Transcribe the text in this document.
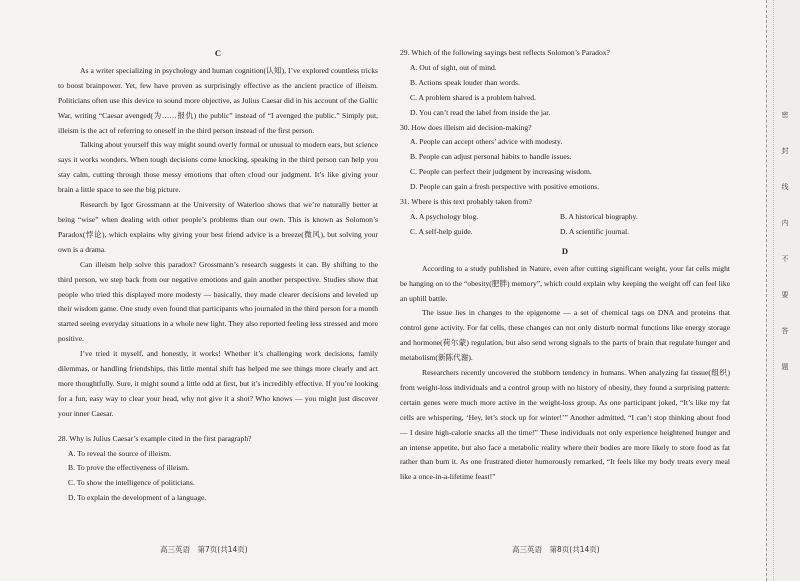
C

As a writer specializing in psychology and human cognition(认知), I’ve explored countless tricks to boost brainpower. Yet, few have proven as surprisingly effective as the ancient practice of illeism. Politicians often use this device to sound more objective, as Julius Caesar did in his account of the Gallic War, writing “Caesar avenged(为……报仇) the public” instead of “I avenged the public.” Simply put, illeism is the act of referring to oneself in the third person instead of the first person.

Talking about yourself this way might sound overly formal or unusual to modern ears, but science says it works wonders. When tough decisions come knocking, speaking in the third person can help you stay calm, cutting through those messy emotions that often cloud our judgment. It’s like giving your brain a little space to see the big picture.

Research by Igor Grossmann at the University of Waterloo shows that we’re naturally better at being “wise” when dealing with other people’s problems than our own. This is known as Solomon’s Paradox(悖论), which explains why giving your best friend advice is a breeze(微风), but solving your own is a drama.

Can illeism help solve this paradox? Grossmann’s research suggests it can. By shifting to the third person, we step back from our negative emotions and gain another perspective. Studies show that people who tried this displayed more modesty — basically, they made clearer decisions and leveled up their wisdom game. One study even found that participants who journaled in the third person for a month started seeing everyday situations in a whole new light. They also reported feeling less stressed and more positive.

I’ve tried it myself, and honestly, it works! Whether it’s challenging work decisions, family dilemmas, or handling friendships, this little mental shift has helped me see things more clearly and act more thoughtfully. Sure, it might sound a little odd at first, but it’s incredibly effective. If you’re looking for a fun, easy way to clear your head, why not give it a shot? Who knows — you might just discover your inner Caesar.

28. Why is Julius Caesar’s example cited in the first paragraph?

A. To reveal the source of illeism.

B. To prove the effectiveness of illeism.

C. To show the intelligence of politicians.

D. To explain the development of a language.

29. Which of the following sayings best reflects Solomon’s Paradox?

A. Out of sight, out of mind.

B. Actions speak louder than words.

C. A problem shared is a problem halved.

D. You can’t read the label from inside the jar.

30. How does illeism aid decision-making?

A. People can accept others’ advice with modesty.

B. People can adjust personal habits to handle issues.

C. People can perfect their judgment by increasing wisdom.

D. People can gain a fresh perspective with positive emotions.

31. Where is this text probably taken from?

A. A psychology blog.	B. A historical biography.
C. A self-help guide.	D. A scientific journal.
D

According to a study published in Nature, even after cutting significant weight, your fat cells might be hanging on to the “obesity(肥胖) memory”, which could explain why keeping the weight off can feel like an uphill battle.

The issue lies in changes to the epigenome — a set of chemical tags on DNA and proteins that control gene activity. For fat cells, these changes can not only disturb normal functions like energy storage and hormone(荷尔蒙) regulation, but also send wrong signals to the parts of brain that regulate hunger and metabolism(新陈代谢).

Researchers recently uncovered the stubborn tendency in humans. When analyzing fat tissue(组织) from weight-loss individuals and a control group with no history of obesity, they found a surprising pattern: certain genes were much more active in the weight-loss group. As one participant joked, “It’s like my fat cells are whispering, ‘Hey, let’s stock up for winter!’” Another admitted, “I can’t stop thinking about food — I desire high-calorie snacks all the time!” These individuals not only experience heightened hunger and an intense appetite, but also face a metabolic reality where their bodies are more likely to store food as fat rather than burn it. As one frustrated dieter humorously remarked, “It feels like my body treats every meal like a once-in-a-lifetime feast!”

高三英语　第7页(共14页)	高三英语　第8页(共14页)
密
封
线
内
不
要
答
题
